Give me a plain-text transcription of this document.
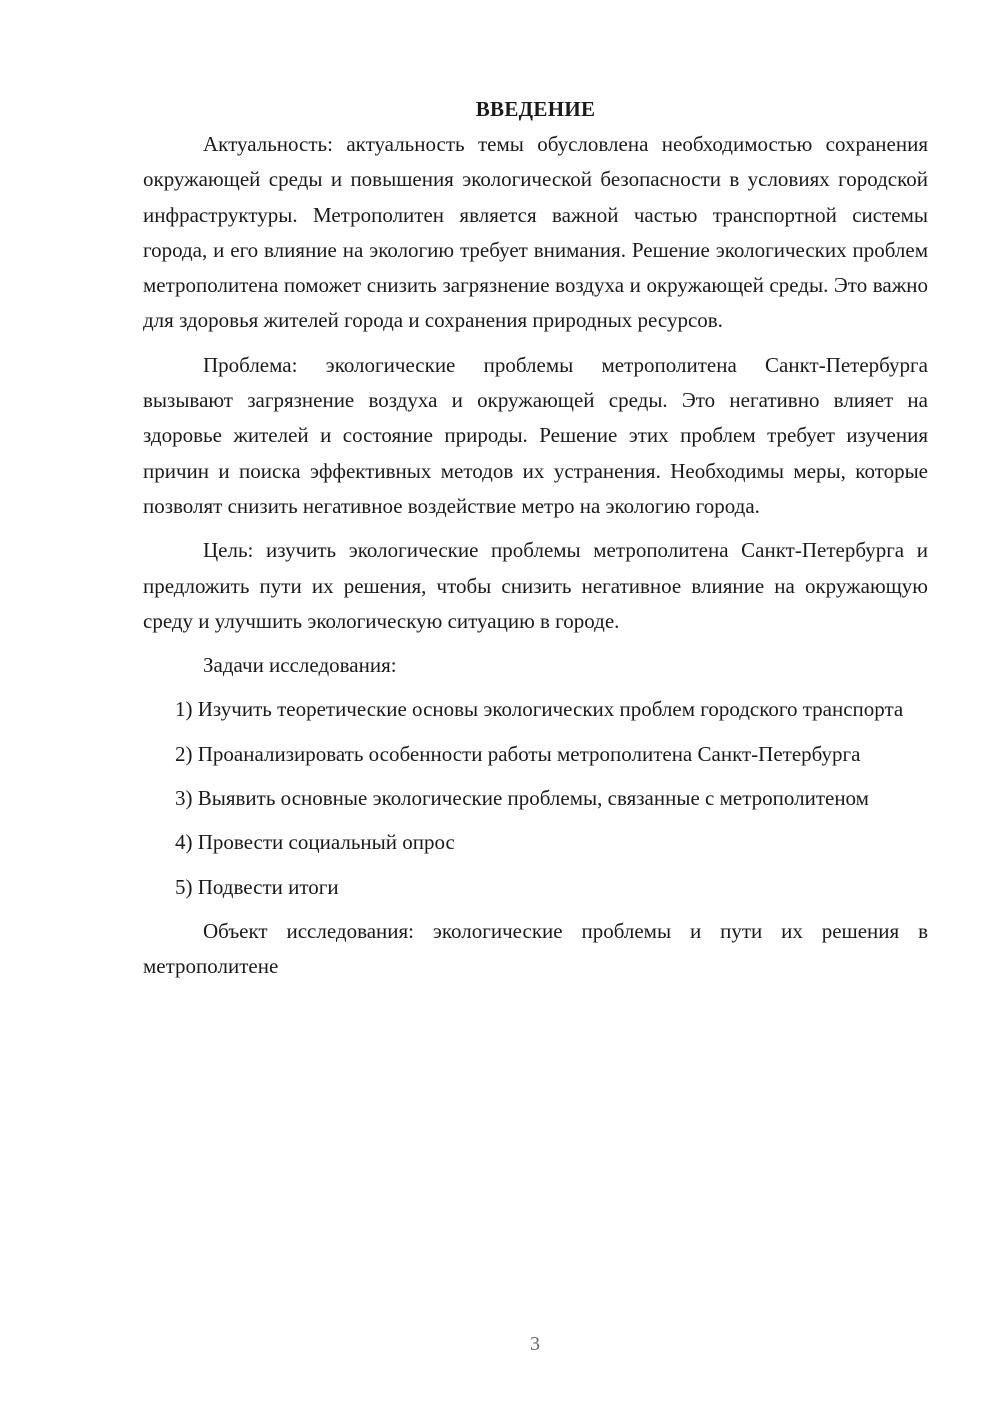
ВВЕДЕНИЕ

Актуальность: актуальность темы обусловлена необходимостью сохранения окружающей среды и повышения экологической безопасности в условиях городской инфраструктуры. Метрополитен является важной частью транспортной системы города, и его влияние на экологию требует внимания. Решение экологических проблем метрополитена поможет снизить загрязнение воздуха и окружающей среды. Это важно для здоровья жителей города и сохранения природных ресурсов.

Проблема: экологические проблемы метрополитена Санкт-Петербурга вызывают загрязнение воздуха и окружающей среды. Это негативно влияет на здоровье жителей и состояние природы. Решение этих проблем требует изучения причин и поиска эффективных методов их устранения. Необходимы меры, которые позволят снизить негативное воздействие метро на экологию города.

Цель: изучить экологические проблемы метрополитена Санкт-Петербурга и предложить пути их решения, чтобы снизить негативное влияние на окружающую среду и улучшить экологическую ситуацию в городе.

Задачи исследования:

1) Изучить теоретические основы экологических проблем городского транспорта

2) Проанализировать особенности работы метрополитена Санкт-Петербурга

3) Выявить основные экологические проблемы, связанные с метрополитеном

4) Провести социальный опрос

5) Подвести итоги

Объект исследования: экологические проблемы и пути их решения в метрополитене

3
